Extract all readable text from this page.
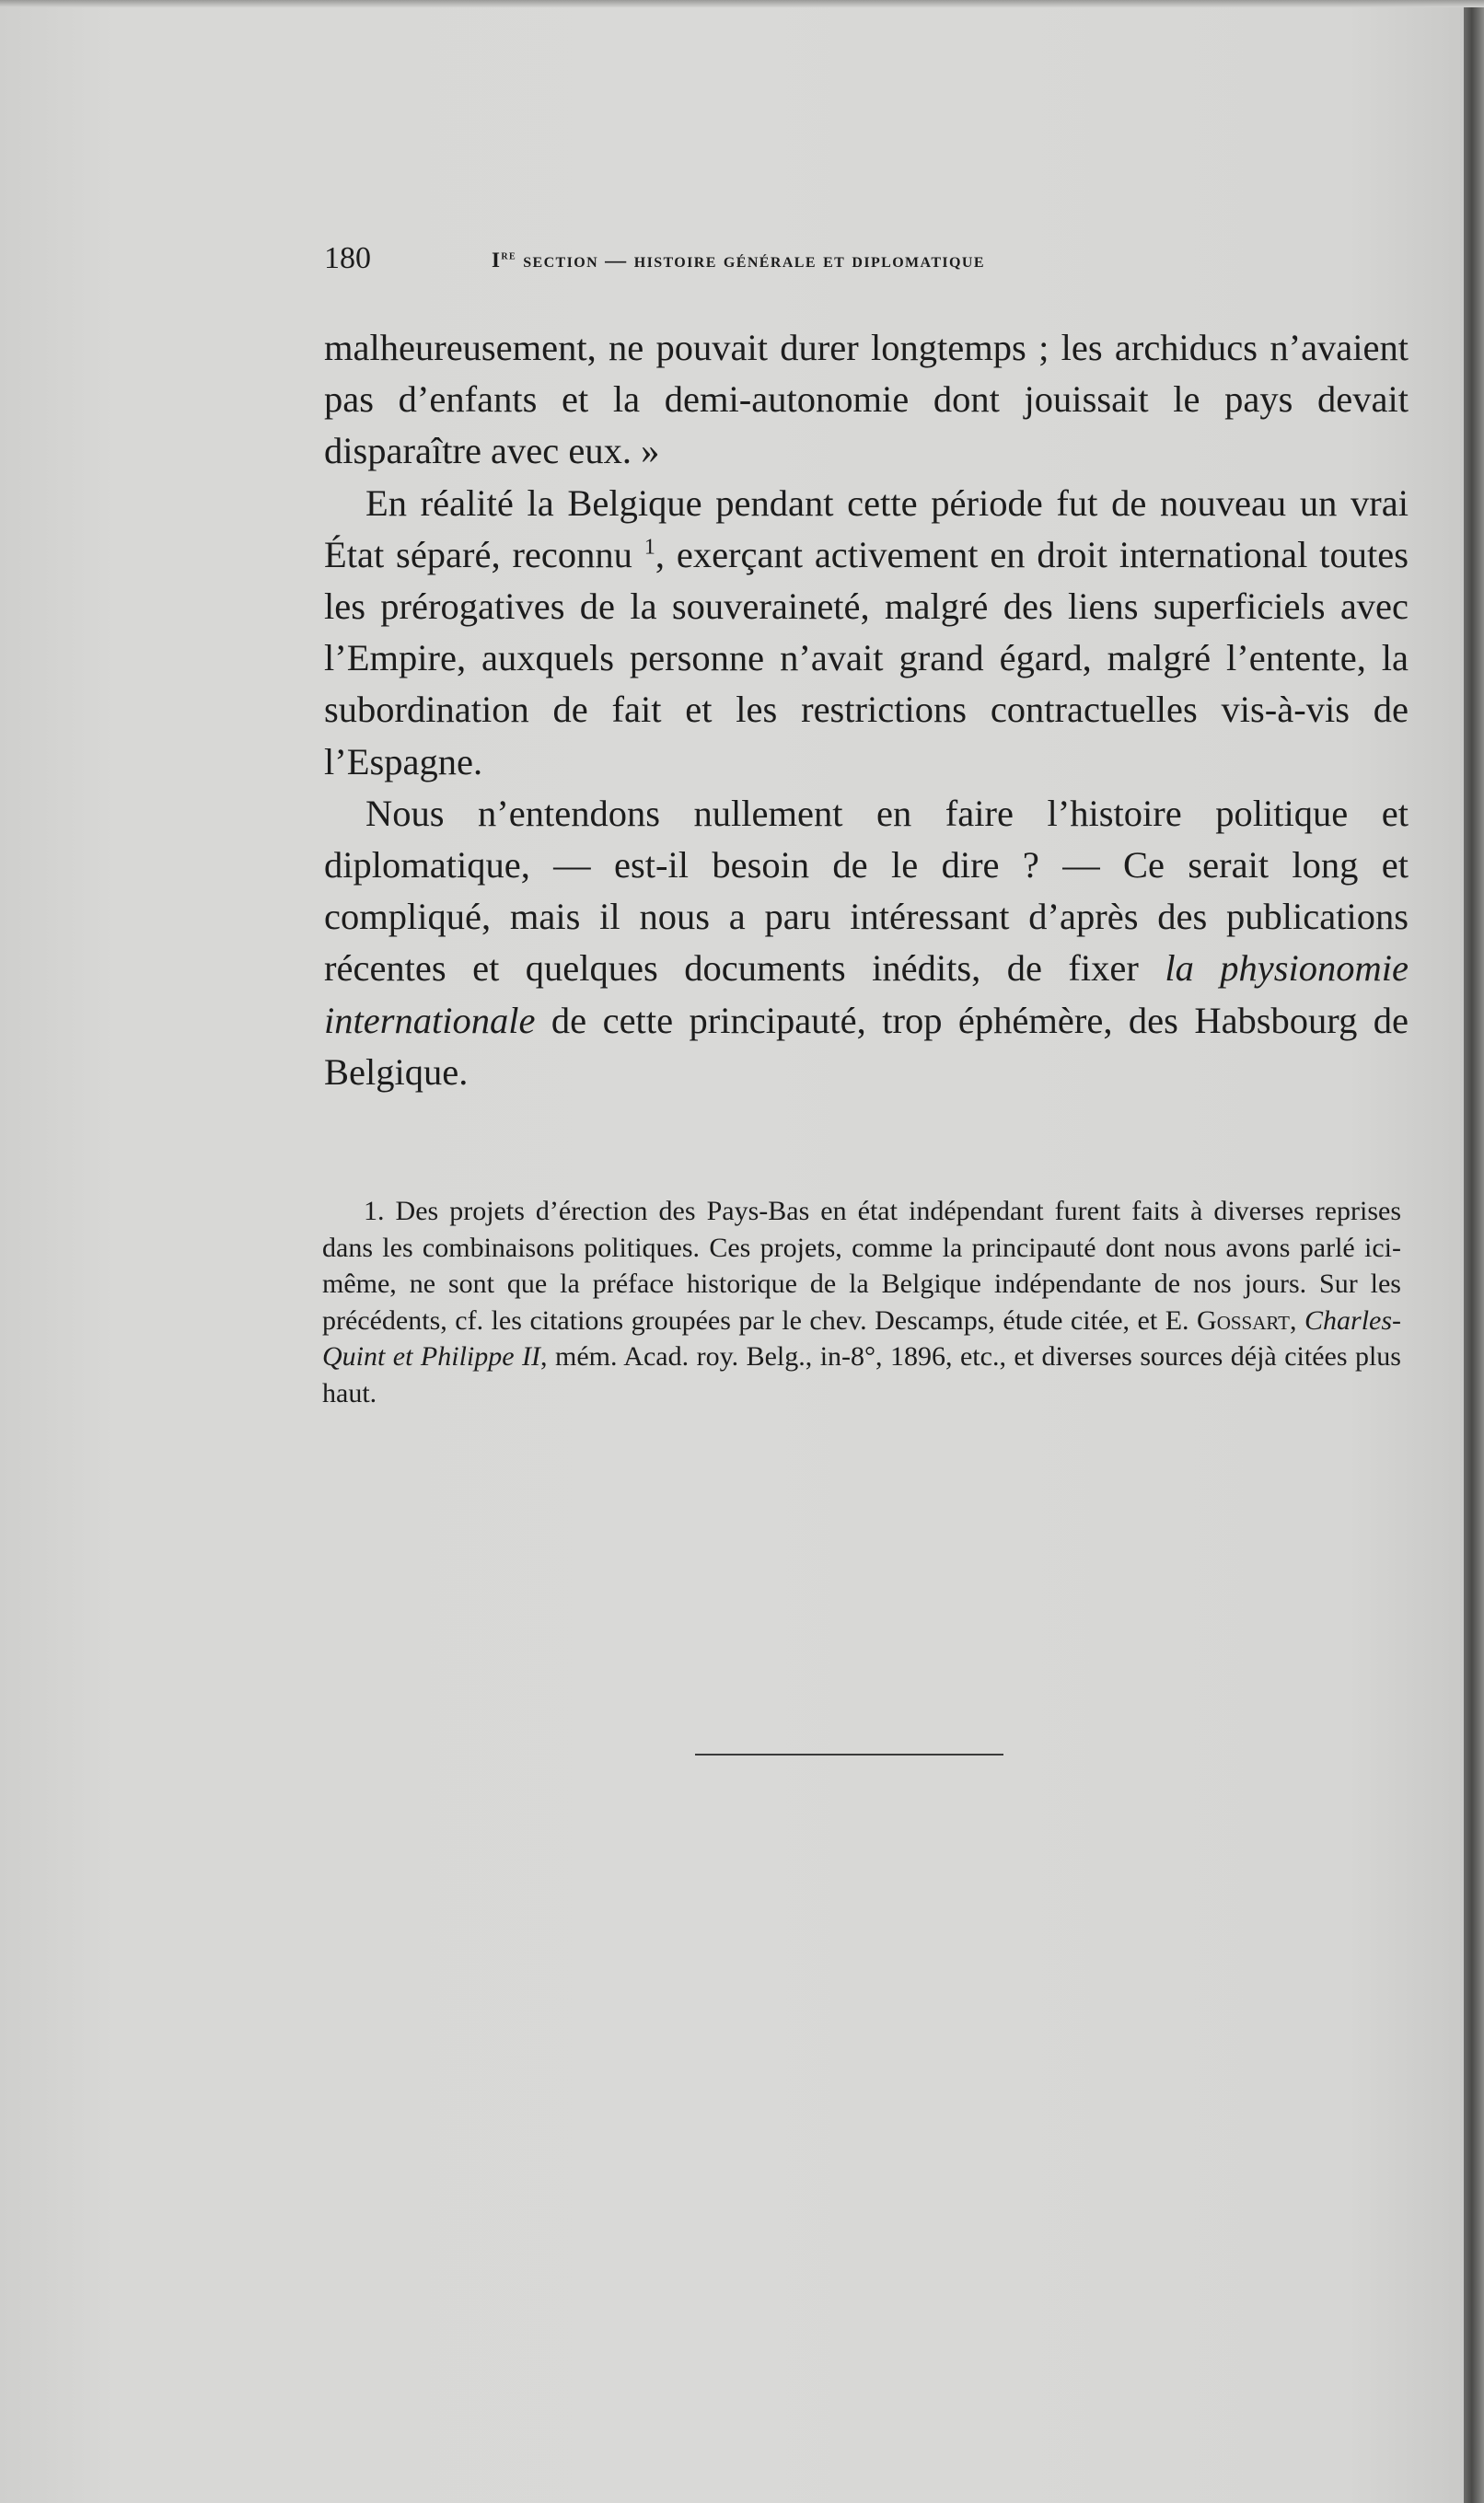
180	Ire section — histoire générale et diplomatique

malheureusement, ne pouvait durer longtemps ; les archiducs n’avaient pas d’enfants et la demi-autonomie dont jouissait le pays devait disparaître avec eux. »

En réalité la Belgique pendant cette période fut de nouveau un vrai État séparé, reconnu $^1$, exerçant activement en droit international toutes les prérogatives de la souveraineté, malgré des liens superficiels avec l’Empire, auxquels personne n’avait grand égard, malgré l’entente, la subordination de fait et les restrictions contractuelles vis-à-vis de l’Espagne.

Nous n’entendons nullement en faire l’histoire politique et diplomatique, — est-il besoin de le dire ? — Ce serait long et compliqué, mais il nous a paru intéressant d’après des publications récentes et quelques documents inédits, de fixer la physionomie internationale de cette principauté, trop éphémère, des Habsbourg de Belgique.

1. Des projets d’érection des Pays-Bas en état indépendant furent faits à diverses reprises dans les combinaisons politiques. Ces projets, comme la principauté dont nous avons parlé ici-même, ne sont que la préface historique de la Belgique indépendante de nos jours. Sur les précédents, cf. les citations groupées par le chev. Descamps, étude citée, et E. Gossart, Charles-Quint et Philippe II, mém. Acad. roy. Belg., in-8°, 1896, etc., et diverses sources déjà citées plus haut.
